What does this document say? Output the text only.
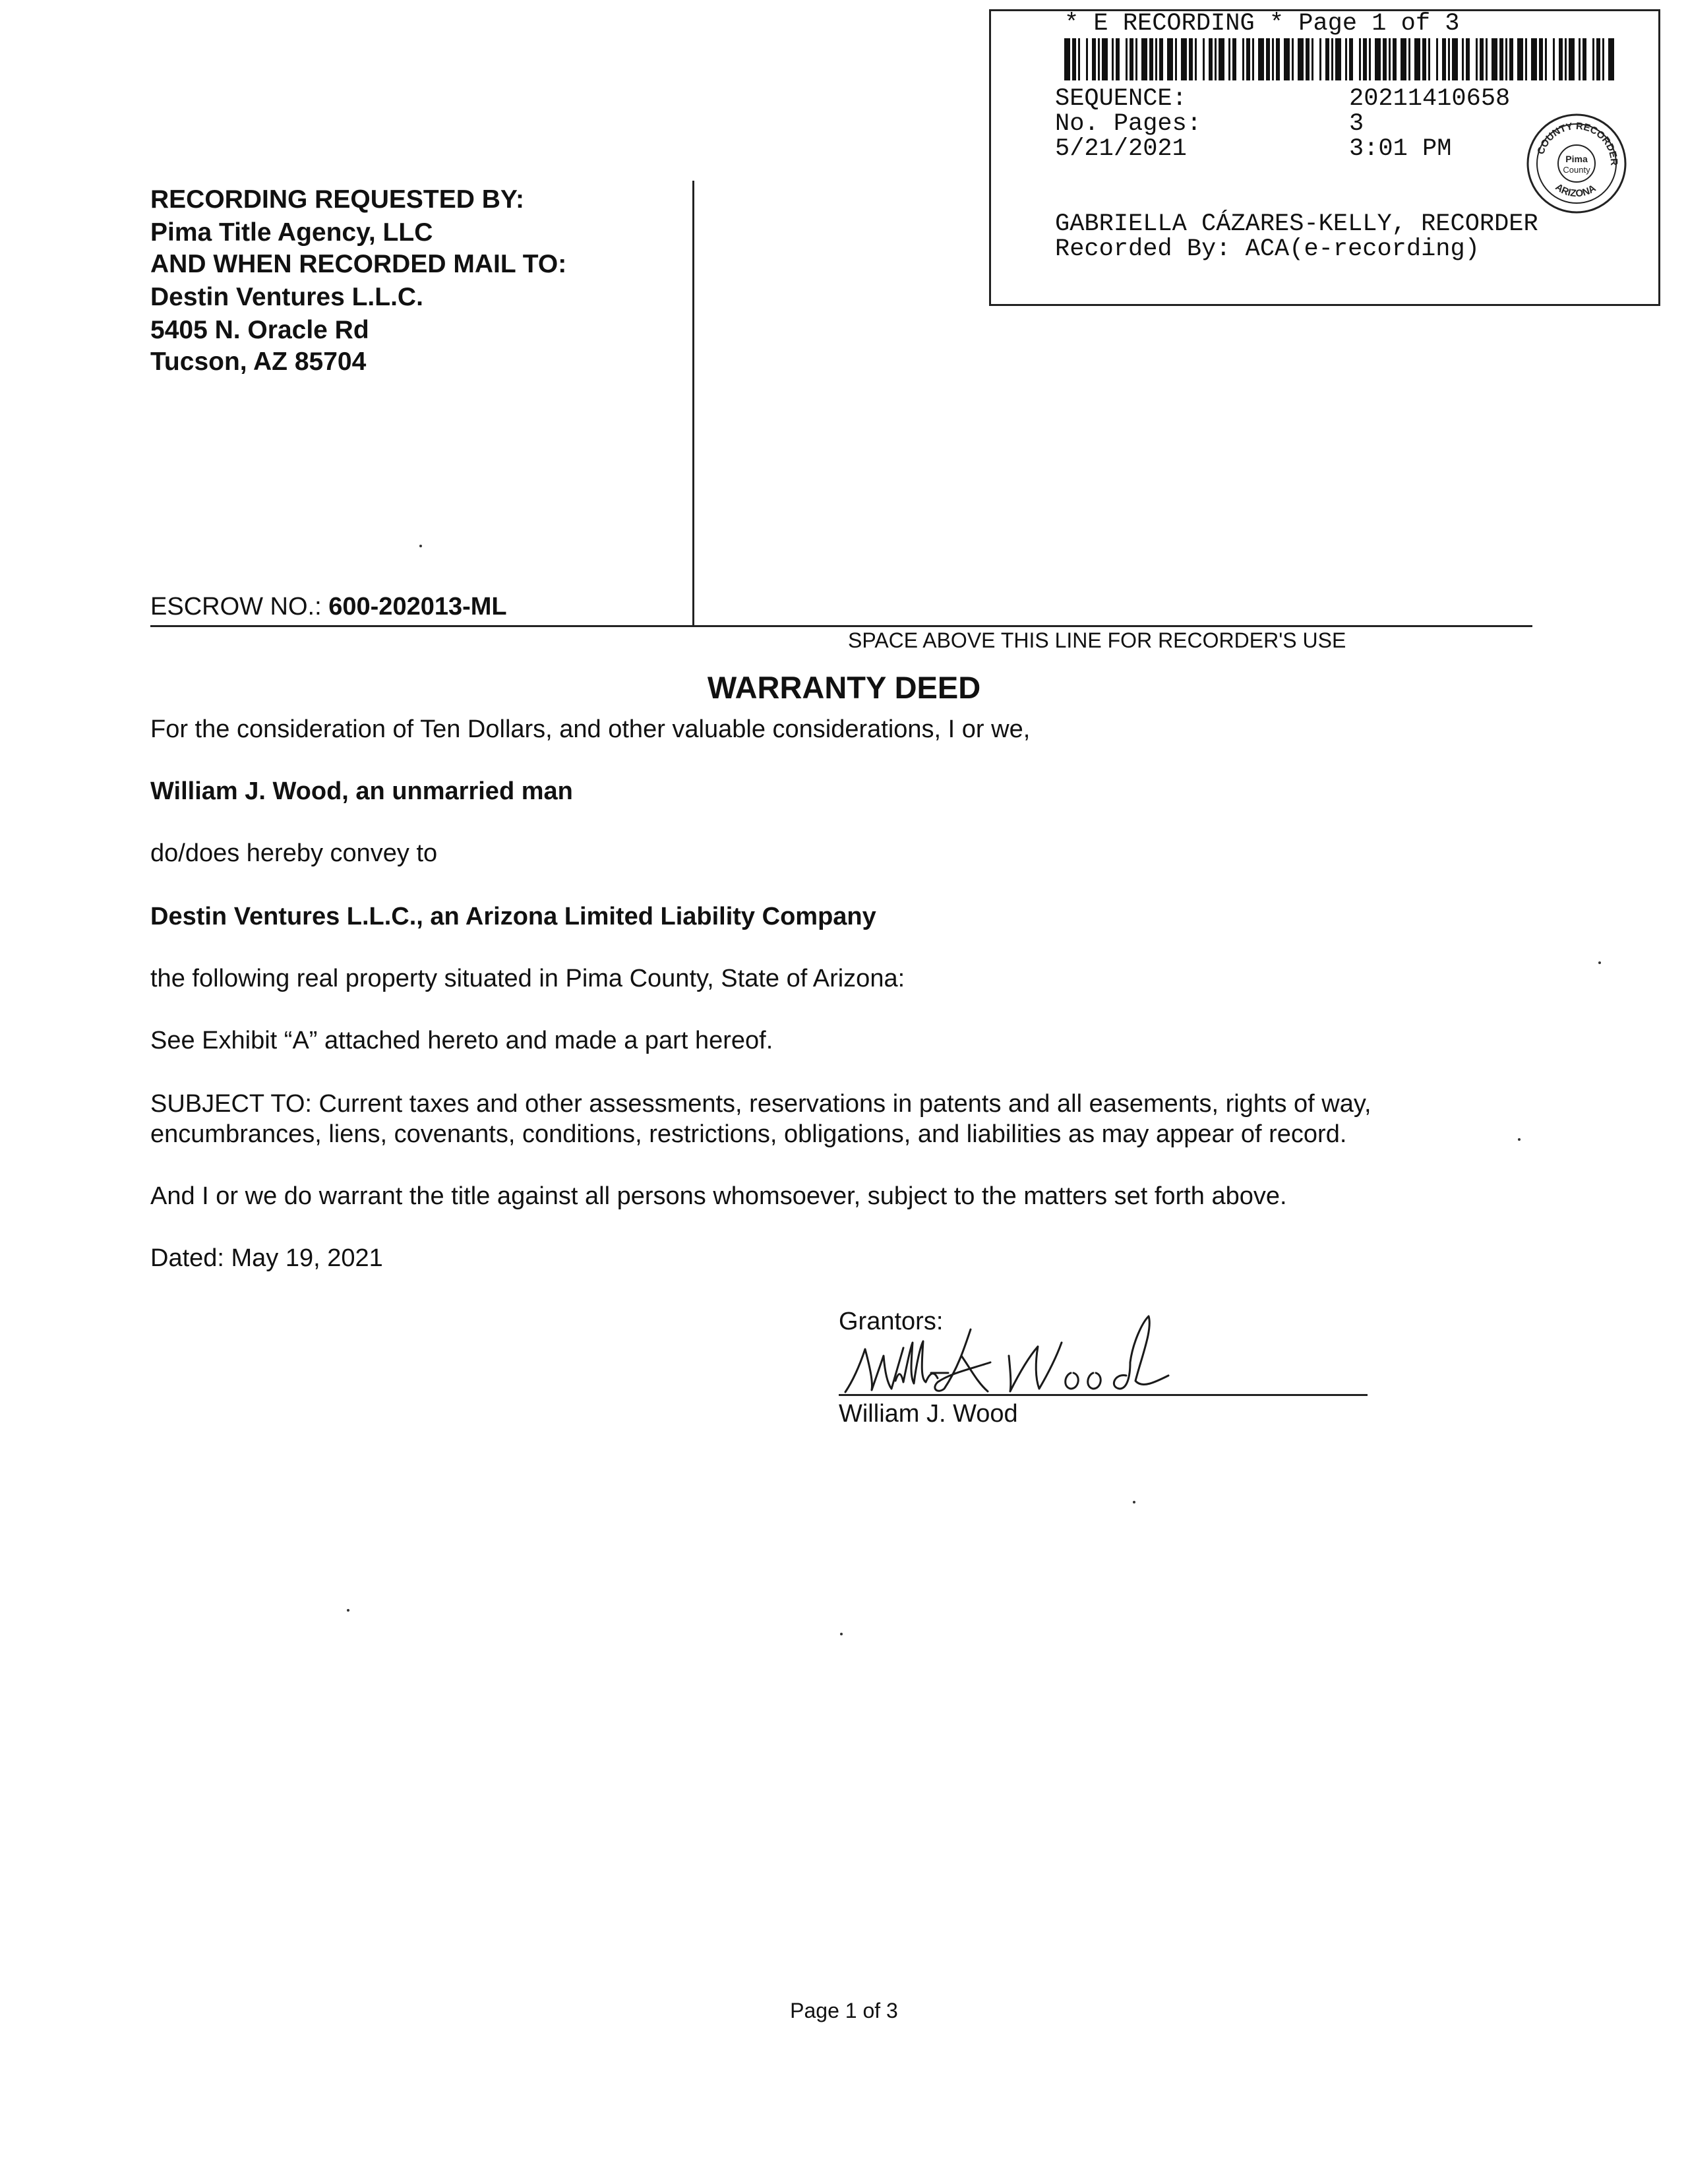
* E RECORDING * Page 1 of 3
SEQUENCE:	20211410658
No. Pages:	3
5/21/2021	3:01 PM	COUNTY RECORDER
ARIZONA
Pima
County
GABRIELLA CÁZARES-KELLY, RECORDER
Recorded By: ACA(e-recording)
RECORDING REQUESTED BY:
Pima Title Agency, LLC
AND WHEN RECORDED MAIL TO:
Destin Ventures L.L.C.
5405 N. Oracle Rd
Tucson, AZ 85704
ESCROW NO.: 600-202013-ML
SPACE ABOVE THIS LINE FOR RECORDER'S USE
WARRANTY DEED
For the consideration of Ten Dollars, and other valuable considerations, I or we,
William J. Wood, an unmarried man
do/does hereby convey to
Destin Ventures L.L.C., an Arizona Limited Liability Company
the following real property situated in Pima County, State of Arizona:
See Exhibit “A” attached hereto and made a part hereof.
SUBJECT TO: Current taxes and other assessments, reservations in patents and all easements, rights of way,
encumbrances, liens, covenants, conditions, restrictions, obligations, and liabilities as may appear of record.
And I or we do warrant the title against all persons whomsoever, subject to the matters set forth above.
Dated: May 19, 2021
Grantors:
William J. Wood
Page 1 of 3
